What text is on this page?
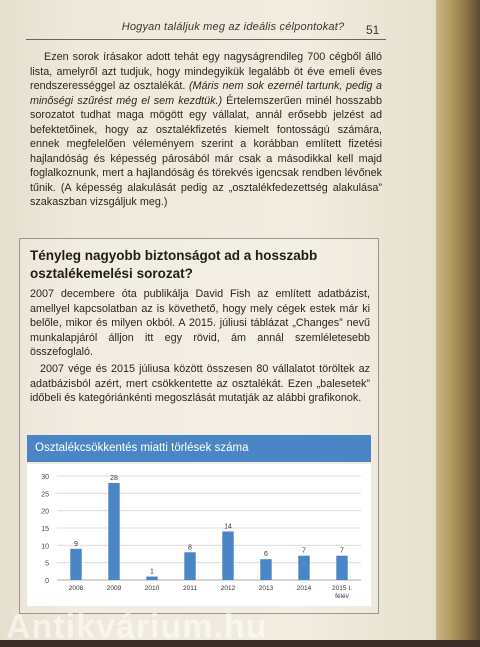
Hogyan találjuk meg az ideális célpontokat?	51
Ezen sorok írásakor adott tehát egy nagyságrendileg 700 cégből álló lista, amelyről azt tudjuk, hogy mindegyikük legalább öt éve emeli éves rendszerességgel az osztalékát. (Máris nem sok ezernél tartunk, pedig a minőségi szűrést még el sem kezdtük.) Értelemszerűen minél hosszabb sorozatot tudhat maga mögött egy vállalat, annál erősebb jelzést ad befektetőinek, hogy az osztalékfizetés kiemelt fontosságú számára, ennek megfelelően véleményem szerint a korábban említett fizetési hajlandóság és képesség párosából már csak a másodikkal kell majd foglalkoznunk, mert a hajlandóság és törekvés igencsak rendben lévőnek tűnik. (A képesség alakulását pedig az „osztalékfedezettség alakulása” szakaszban vizsgáljuk meg.)
Tényleg nagyobb biztonságot ad a hosszabb osztalékemelési sorozat?
2007 decembere óta publikálja David Fish az említett adatbázist, amellyel kapcsolatban az is követhető, hogy mely cégek estek már ki belőle, mikor és milyen okból. A 2015. júliusi táblázat „Changes” nevű munkalapjáról álljon itt egy rövid, ám annál szemléletesebb összefoglaló.
2007 vége és 2015 júliusa között összesen 80 vállalatot töröltek az adatbázisból azért, mert csökkentette az osztalékát. Ezen „balesetek” időbeli és kategóriánkénti megoszlását mutatják az alábbi grafikonok.
Osztalékcsökkentés miatti törlések száma
0
5
10
15
20
25
30
9
28
1
8
14
6	7	7
2008	2009	2010	2011	2012	2013	2014	2015 I.
félév
Antikvárium.hu
